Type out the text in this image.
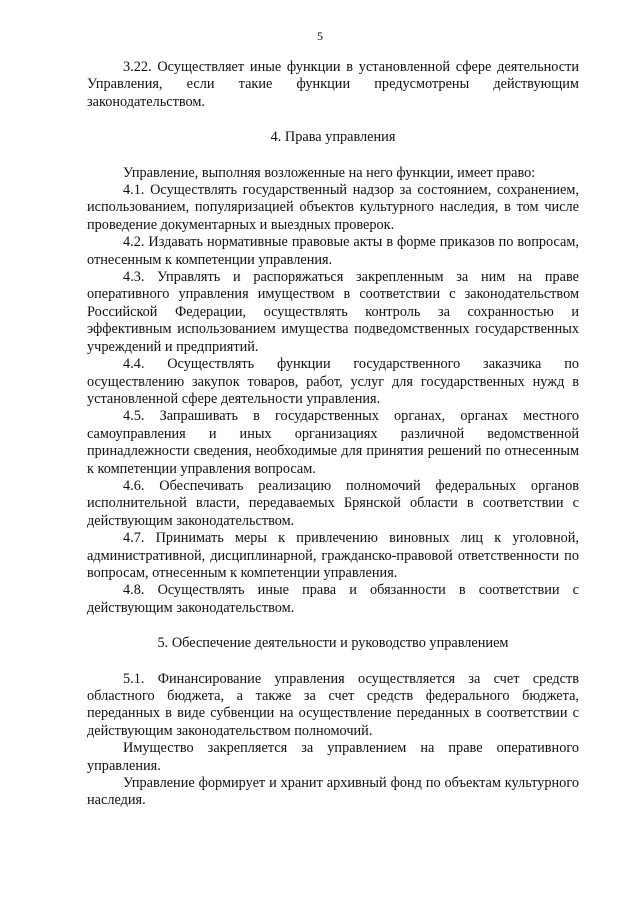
5

3.22. Осуществляет иные функции в установленной сфере деятельности Управления, если такие функции предусмотрены действующим законодательством.

4. Права управления

Управление, выполняя возложенные на него функции, имеет право:

4.1. Осуществлять государственный надзор за состоянием, сохранением, использованием, популяризацией объектов культурного наследия, в том числе проведение документарных и выездных проверок.

4.2. Издавать нормативные правовые акты в форме приказов по вопросам, отнесенным к компетенции управления.

4.3. Управлять и распоряжаться закрепленным за ним на праве оперативного управления имуществом в соответствии с законодательством Российской Федерации, осуществлять контроль за сохранностью и эффективным использованием имущества подведомственных государственных учреждений и предприятий.

4.4. Осуществлять функции государственного заказчика по осуществлению закупок товаров, работ, услуг для государственных нужд в установленной сфере деятельности управления.

4.5. Запрашивать в государственных органах, органах местного самоуправления и иных организациях различной ведомственной принадлежности сведения, необходимые для принятия решений по отнесенным к компетенции управления вопросам.

4.6. Обеспечивать реализацию полномочий федеральных органов исполнительной власти, передаваемых Брянской области в соответствии с действующим законодательством.

4.7. Принимать меры к привлечению виновных лиц к уголовной, административной, дисциплинарной, гражданско-правовой ответственности по вопросам, отнесенным к компетенции управления.

4.8. Осуществлять иные права и обязанности в соответствии с действующим законодательством.

5. Обеспечение деятельности и руководство управлением

5.1. Финансирование управления осуществляется за счет средств областного бюджета, а также за счет средств федерального бюджета, переданных в виде субвенции на осуществление переданных в соответствии с действующим законодательством полномочий.

Имущество закрепляется за управлением на праве оперативного управления.

Управление формирует и хранит архивный фонд по объектам культурного наследия.
